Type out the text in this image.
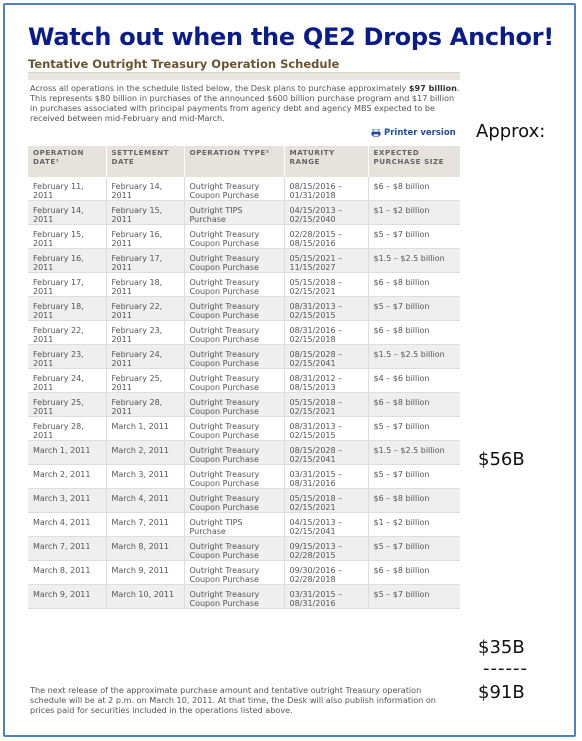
Watch out when the QE2 Drops Anchor!
Tentative Outright Treasury Operation Schedule
Across all operations in the schedule listed below, the Desk plans to purchase approximately $97 billion. This represents $80 billion in purchases of the announced $600 billion purchase program and $17 billion in purchases associated with principal payments from agency debt and agency MBS expected to be received between mid-February and mid-March.
Printer version Approx:
OPERATION DATE¹	SETTLEMENT DATE	OPERATION TYPE²	MATURITY RANGE	EXPECTED PURCHASE SIZE
February 11, 2011	February 14, 2011	Outright Treasury Coupon Purchase	08/15/2016 – 01/31/2018	$6 – $8 billion
February 14, 2011	February 15, 2011	Outright TIPS Purchase	04/15/2013 – 02/15/2040	$1 – $2 billion
February 15, 2011	February 16, 2011	Outright Treasury Coupon Purchase	02/28/2015 – 08/15/2016	$5 – $7 billion
February 16, 2011	February 17, 2011	Outright Treasury Coupon Purchase	05/15/2021 – 11/15/2027	$1.5 – $2.5 billion
February 17, 2011	February 18, 2011	Outright Treasury Coupon Purchase	05/15/2018 – 02/15/2021	$6 – $8 billion
February 18, 2011	February 22, 2011	Outright Treasury Coupon Purchase	08/31/2013 – 02/15/2015	$5 – $7 billion
February 22, 2011	February 23, 2011	Outright Treasury Coupon Purchase	08/31/2016 – 02/15/2018	$6 – $8 billion
February 23, 2011	February 24, 2011	Outright Treasury Coupon Purchase	08/15/2028 – 02/15/2041	$1.5 – $2.5 billion
February 24, 2011	February 25, 2011	Outright Treasury Coupon Purchase	08/31/2012 – 08/15/2013	$4 – $6 billion
February 25, 2011	February 28, 2011	Outright Treasury Coupon Purchase	05/15/2018 – 02/15/2021	$6 – $8 billion
February 28, 2011	March 1, 2011	Outright Treasury Coupon Purchase	08/31/2013 – 02/15/2015	$5 – $7 billion
March 1, 2011	March 2, 2011	Outright Treasury Coupon Purchase	08/15/2028 – 02/15/2041	$1.5 – $2.5 billion
March 2, 2011	March 3, 2011	Outright Treasury Coupon Purchase	03/31/2015 – 08/31/2016	$5 – $7 billion
March 3, 2011	March 4, 2011	Outright Treasury Coupon Purchase	05/15/2018 – 02/15/2021	$6 – $8 billion
March 4, 2011	March 7, 2011	Outright TIPS Purchase	04/15/2013 – 02/15/2041	$1 – $2 billion
March 7, 2011	March 8, 2011	Outright Treasury Coupon Purchase	09/15/2013 – 02/28/2015	$5 – $7 billion
March 8, 2011	March 9, 2011	Outright Treasury Coupon Purchase	09/30/2016 – 02/28/2018	$6 – $8 billion
March 9, 2011	March 10, 2011	Outright Treasury Coupon Purchase	03/31/2015 – 08/31/2016	$5 – $7 billion
$56B
$35B
------
$91B
The next release of the approximate purchase amount and tentative outright Treasury operation schedule will be at 2 p.m. on March 10, 2011. At that time, the Desk will also publish information on prices paid for securities included in the operations listed above.
